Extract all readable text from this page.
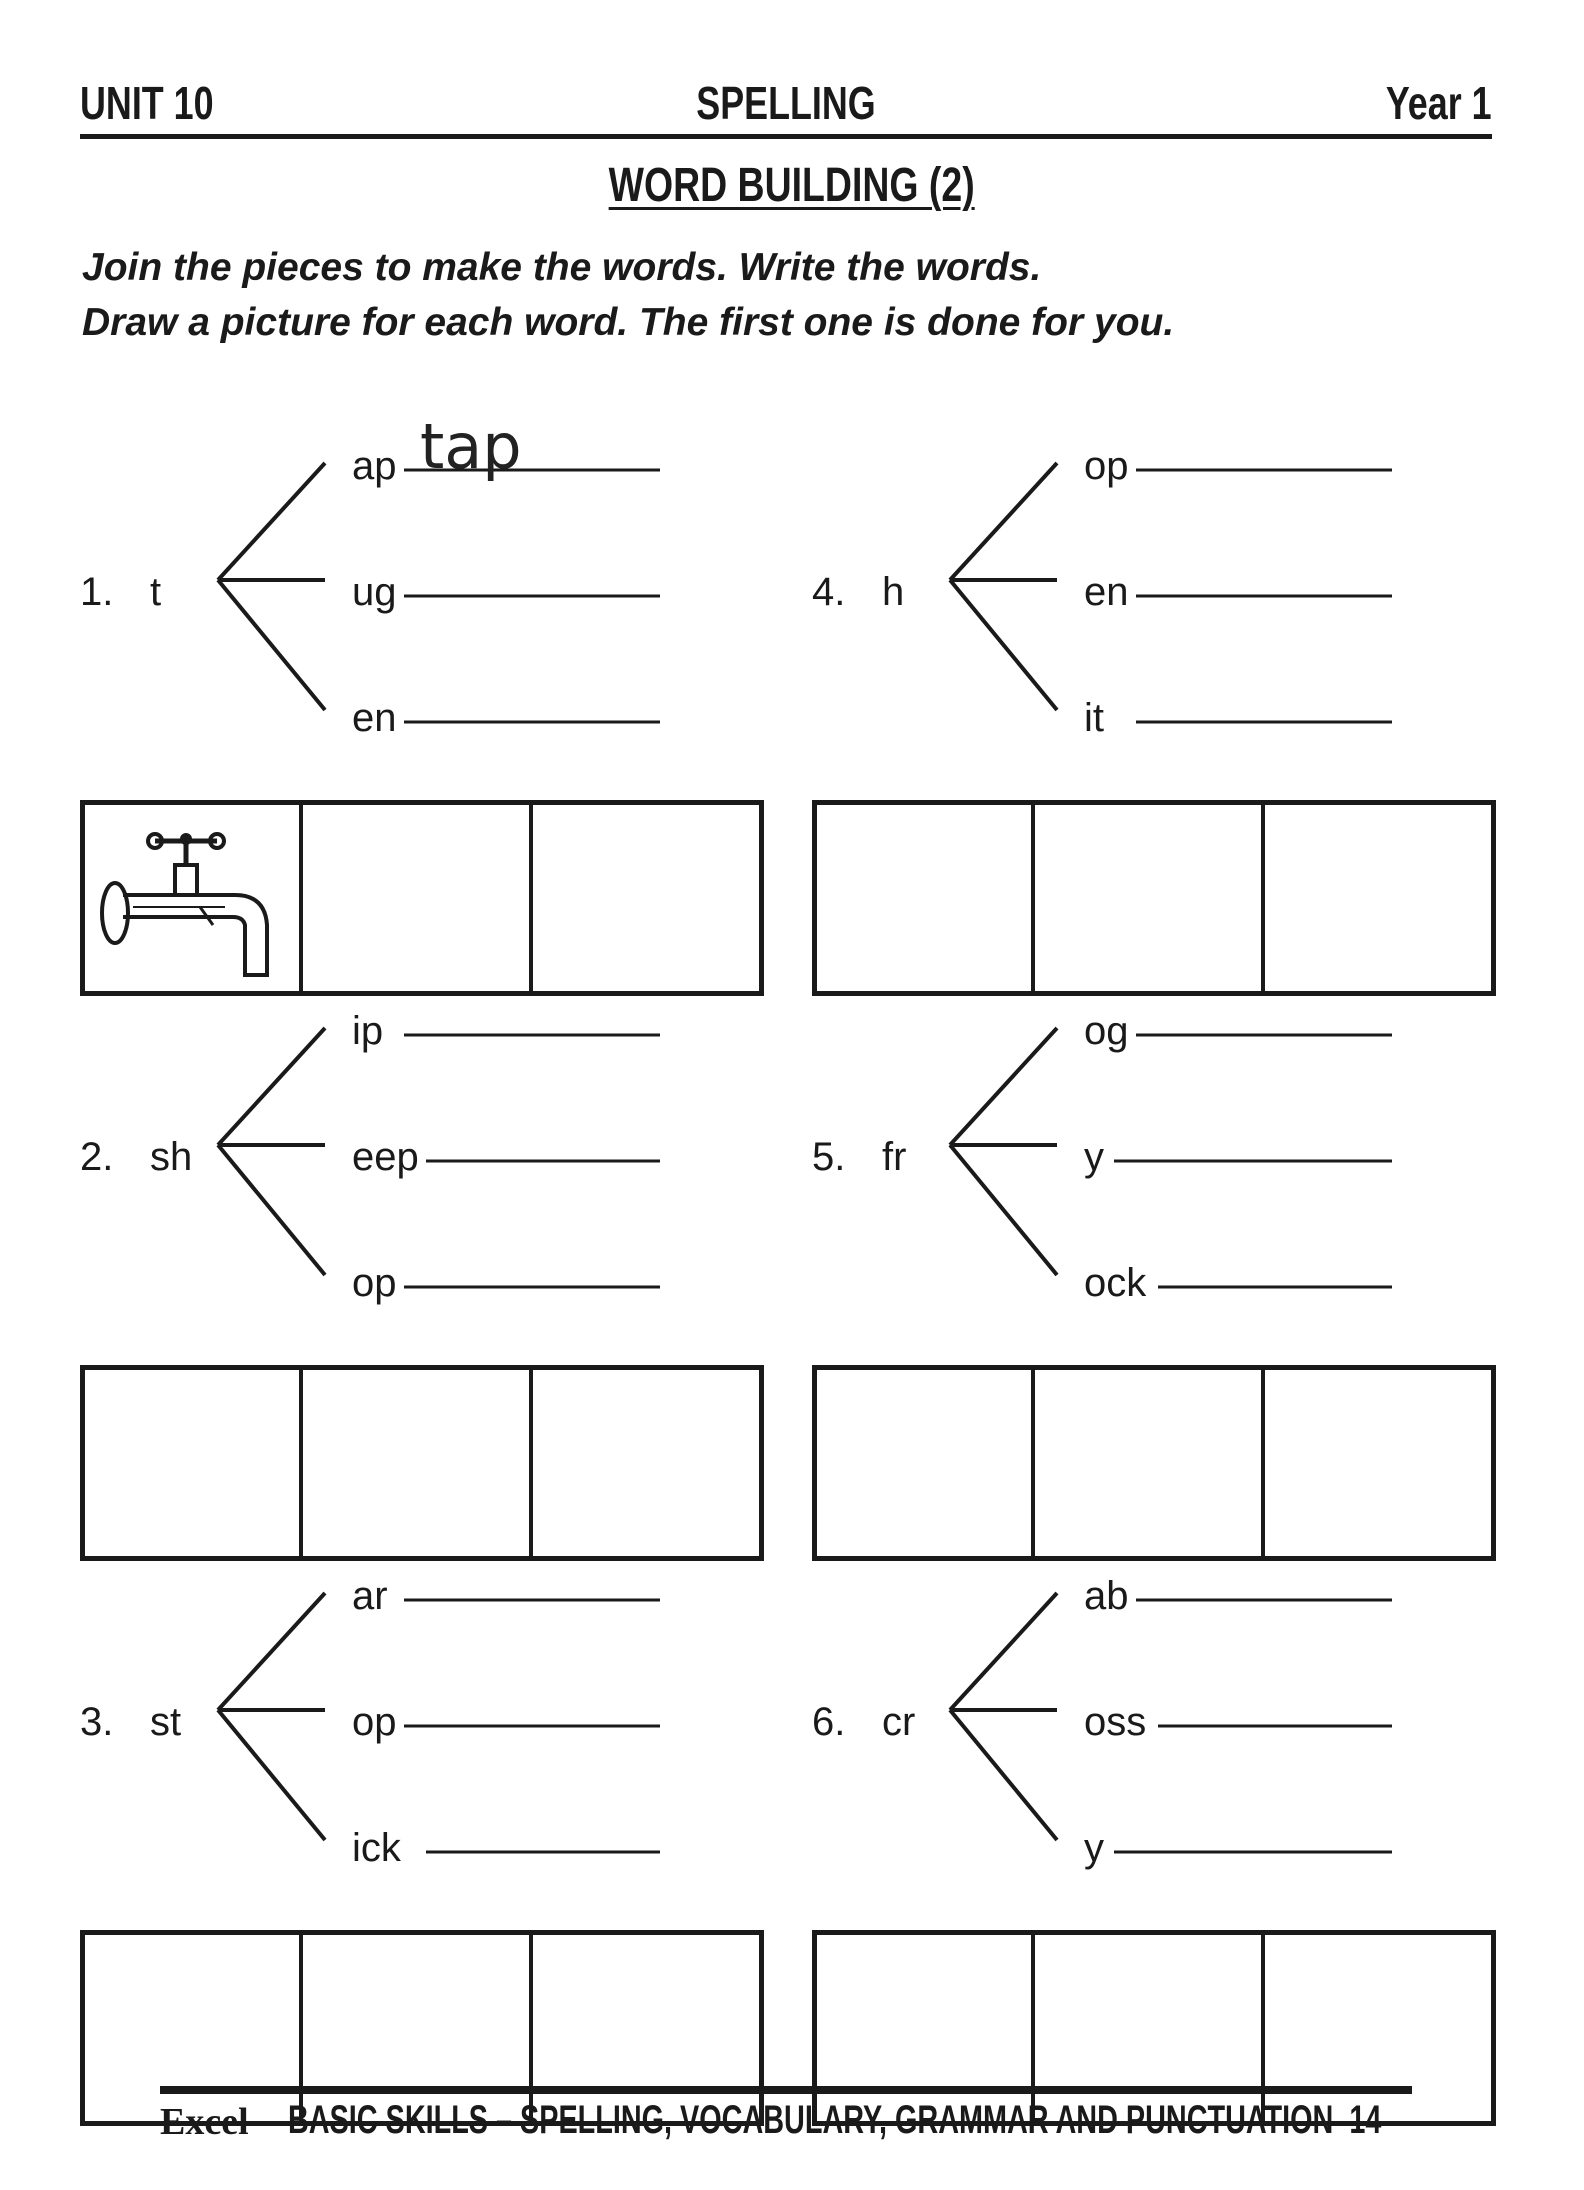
UNIT 10	SPELLING	Year 1
WORD BUILDING (2)
Join the pieces to make the words. Write the words.
Draw a picture for each word. The first one is done for you.
1. t
ap
ug
en
tap
2. sh
ip
eep
op
3. st
ar
op
ick
4. h
op
en
it
5. fr
og
y
ock
6. cr
ab
oss
y
Excel BASIC SKILLS – SPELLING, VOCABULARY, GRAMMAR AND PUNCTUATION 14
